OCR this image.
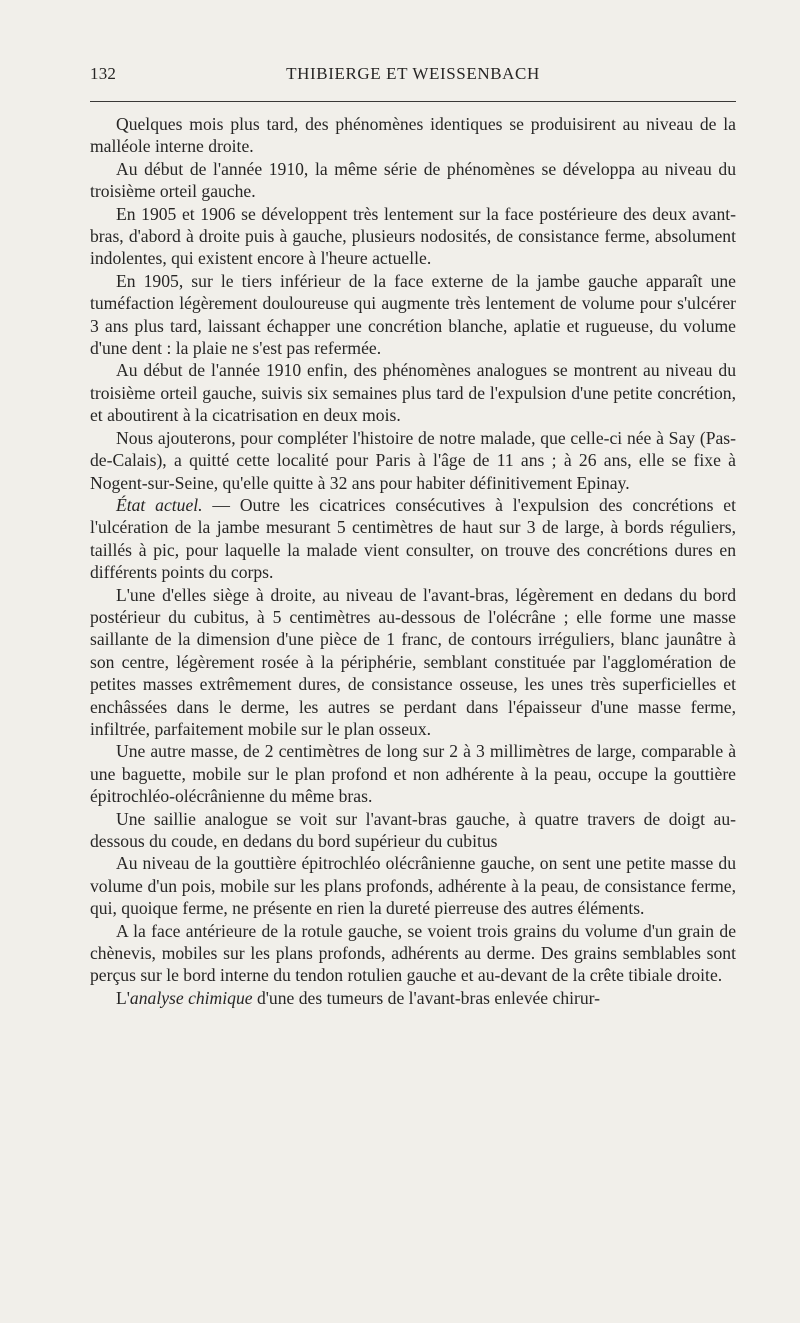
132	THIBIERGE ET WEISSENBACH

Quelques mois plus tard, des phénomènes identiques se produisirent au niveau de la malléole interne droite.

Au début de l'année 1910, la même série de phénomènes se développa au niveau du troisième orteil gauche.

En 1905 et 1906 se développent très lentement sur la face postérieure des deux avant-bras, d'abord à droite puis à gauche, plusieurs nodosités, de consistance ferme, absolument indolentes, qui existent encore à l'heure actuelle.

En 1905, sur le tiers inférieur de la face externe de la jambe gauche apparaît une tuméfaction légèrement douloureuse qui augmente très lentement de volume pour s'ulcérer 3 ans plus tard, laissant échapper une concrétion blanche, aplatie et rugueuse, du volume d'une dent : la plaie ne s'est pas refermée.

Au début de l'année 1910 enfin, des phénomènes analogues se montrent au niveau du troisième orteil gauche, suivis six semaines plus tard de l'expulsion d'une petite concrétion, et aboutirent à la cicatrisation en deux mois.

Nous ajouterons, pour compléter l'histoire de notre malade, que celle-ci née à Say (Pas-de-Calais), a quitté cette localité pour Paris à l'âge de 11 ans ; à 26 ans, elle se fixe à Nogent-sur-Seine, qu'elle quitte à 32 ans pour habiter définitivement Epinay.

État actuel. — Outre les cicatrices consécutives à l'expulsion des concrétions et l'ulcération de la jambe mesurant 5 centimètres de haut sur 3 de large, à bords réguliers, taillés à pic, pour laquelle la malade vient consulter, on trouve des concrétions dures en différents points du corps.

L'une d'elles siège à droite, au niveau de l'avant-bras, légèrement en dedans du bord postérieur du cubitus, à 5 centimètres au-dessous de l'olécrâne ; elle forme une masse saillante de la dimension d'une pièce de 1 franc, de contours irréguliers, blanc jaunâtre à son centre, légèrement rosée à la périphérie, semblant constituée par l'agglomération de petites masses extrêmement dures, de consistance osseuse, les unes très superficielles et enchâssées dans le derme, les autres se perdant dans l'épaisseur d'une masse ferme, infiltrée, parfaitement mobile sur le plan osseux.

Une autre masse, de 2 centimètres de long sur 2 à 3 millimètres de large, comparable à une baguette, mobile sur le plan profond et non adhérente à la peau, occupe la gouttière épitrochléo-olécrânienne du même bras.

Une saillie analogue se voit sur l'avant-bras gauche, à quatre travers de doigt au-dessous du coude, en dedans du bord supérieur du cubitus

Au niveau de la gouttière épitrochléo olécrânienne gauche, on sent une petite masse du volume d'un pois, mobile sur les plans profonds, adhérente à la peau, de consistance ferme, qui, quoique ferme, ne présente en rien la dureté pierreuse des autres éléments.

A la face antérieure de la rotule gauche, se voient trois grains du volume d'un grain de chènevis, mobiles sur les plans profonds, adhérents au derme. Des grains semblables sont perçus sur le bord interne du tendon rotulien gauche et au-devant de la crête tibiale droite.

L'analyse chimique d'une des tumeurs de l'avant-bras enlevée chirur-
